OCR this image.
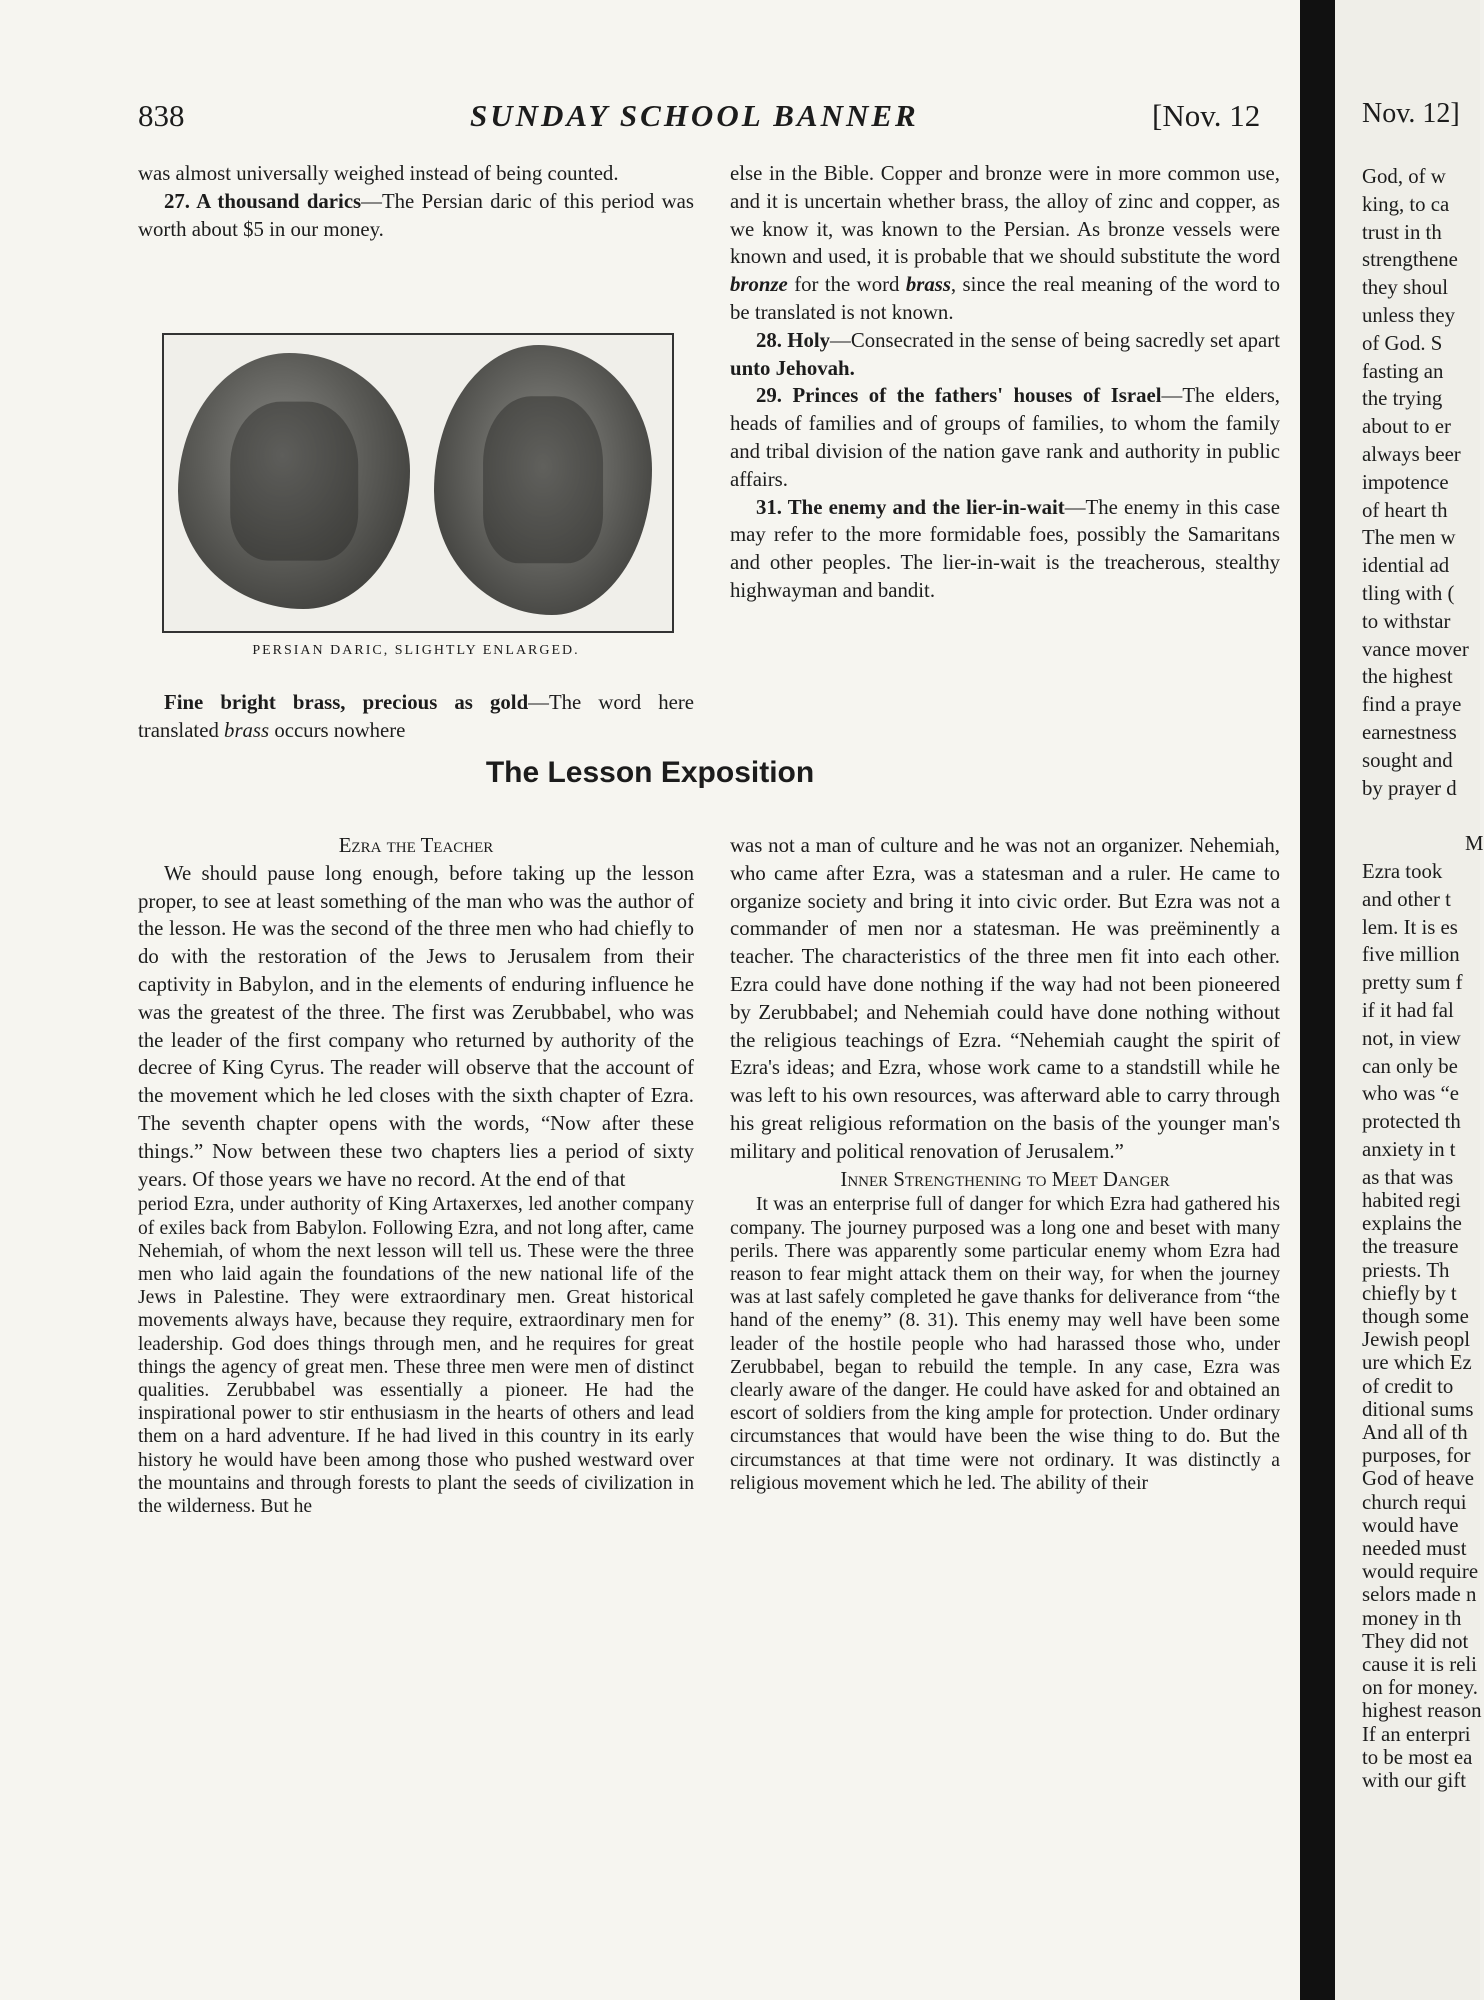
838	SUNDAY SCHOOL BANNER	[Nov. 12

was almost universally weighed instead of being counted.

27. A thousand darics—The Persian daric of this period was worth about $5 in our money.

PERSIAN DARIC, SLIGHTLY ENLARGED.

Fine bright brass, precious as gold—The word here translated brass occurs nowhere

else in the Bible. Copper and bronze were in more common use, and it is uncertain whether brass, the alloy of zinc and copper, as we know it, was known to the Persian. As bronze vessels were known and used, it is probable that we should substitute the word bronze for the word brass, since the real meaning of the word to be translated is not known.

28. Holy—Consecrated in the sense of being sacredly set apart unto Jehovah.

29. Princes of the fathers' houses of Israel—The elders, heads of families and of groups of families, to whom the family and tribal division of the nation gave rank and authority in public affairs.

31. The enemy and the lier-in-wait—The enemy in this case may refer to the more formidable foes, possibly the Samaritans and other peoples. The lier-in-wait is the treacherous, stealthy highwayman and bandit.

The Lesson Exposition

Ezra the Teacher

We should pause long enough, before taking up the lesson proper, to see at least something of the man who was the author of the lesson. He was the second of the three men who had chiefly to do with the restoration of the Jews to Jerusalem from their captivity in Babylon, and in the elements of enduring influence he was the greatest of the three. The first was Zerubbabel, who was the leader of the first company who returned by authority of the decree of King Cyrus. The reader will observe that the account of the movement which he led closes with the sixth chapter of Ezra. The seventh chapter opens with the words, “Now after these things.” Now between these two chapters lies a period of sixty years. Of those years we have no record. At the end of that

period Ezra, under authority of King Artaxerxes, led another company of exiles back from Babylon. Following Ezra, and not long after, came Nehemiah, of whom the next lesson will tell us. These were the three men who laid again the foundations of the new national life of the Jews in Palestine. They were extraordinary men. Great historical movements always have, because they require, extraordinary men for leadership. God does things through men, and he requires for great things the agency of great men. These three men were men of distinct qualities. Zerubbabel was essentially a pioneer. He had the inspirational power to stir enthusiasm in the hearts of others and lead them on a hard adventure. If he had lived in this country in its early history he would have been among those who pushed westward over the mountains and through forests to plant the seeds of civilization in the wilderness. But he

was not a man of culture and he was not an organizer. Nehemiah, who came after Ezra, was a statesman and a ruler. He came to organize society and bring it into civic order. But Ezra was not a commander of men nor a statesman. He was preëminently a teacher. The characteristics of the three men fit into each other. Ezra could have done nothing if the way had not been pioneered by Zerubbabel; and Nehemiah could have done nothing without the religious teachings of Ezra. “Nehemiah caught the spirit of Ezra's ideas; and Ezra, whose work came to a standstill while he was left to his own resources, was afterward able to carry through his great religious reformation on the basis of the younger man's military and political renovation of Jerusalem.”

Inner Strengthening to Meet Danger

It was an enterprise full of danger for which Ezra had gathered his company. The journey purposed was a long one and beset with many perils. There was apparently some particular enemy whom Ezra had reason to fear might attack them on their way, for when the journey was at last safely completed he gave thanks for deliverance from “the hand of the enemy” (8. 31). This enemy may well have been some leader of the hostile people who had harassed those who, under Zerubbabel, began to rebuild the temple. In any case, Ezra was clearly aware of the danger. He could have asked for and obtained an escort of soldiers from the king ample for protection. Under ordinary circumstances that would have been the wise thing to do. But the circumstances at that time were not ordinary. It was distinctly a religious movement which he led. The ability of their

Nov. 12]
God, of w
king, to ca
trust in th
strengthene
they shoul
unless they
of God. S
fasting an
the trying
about to er
always beer
impotence
of heart th
The men w
idential ad
tling with (
to withstar
vance mover
the highest
find a praye
earnestness
sought and
by prayer d
M
Ezra took
and other t
lem. It is es
five million
pretty sum f
if it had fal
not, in view
can only be
who was “e
protected th
anxiety in t
as that was
habited regi
explains the
the treasure
priests. Th
chiefly by t
though some
Jewish peopl
ure which Ez
of credit to
ditional sums
And all of th
purposes, for
God of heave
church requi
would have
needed must
would require
selors made n
money in th
They did not
cause it is reli
on for money.
highest reason
If an enterpri
to be most ea
with our gift
